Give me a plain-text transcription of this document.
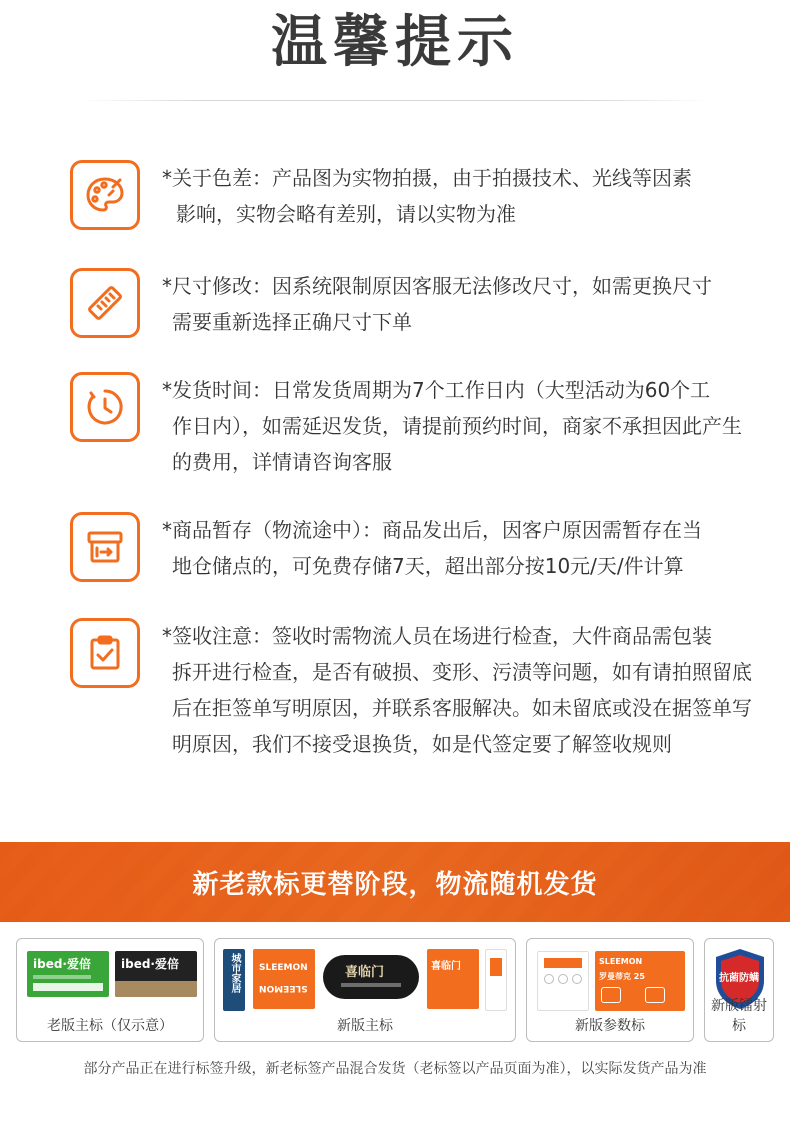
温馨提示
*关于色差：产品图为实物拍摄，由于拍摄技术、光线等因素
影响，实物会略有差别，请以实物为准
*尺寸修改：因系统限制原因客服无法修改尺寸，如需更换尺寸
需要重新选择正确尺寸下单
*发货时间：日常发货周期为7个工作日内（大型活动为60个工
作日内），如需延迟发货，请提前预约时间，商家不承担因此产生的费用，详情请咨询客服
*商品暂存（物流途中）：商品发出后，因客户原因需暂存在当
地仓储点的，可免费存储7天，超出部分按10元/天/件计算
*签收注意：签收时需物流人员在场进行检查，大件商品需包装
拆开进行检查，是否有破损、变形、污渍等问题，如有请拍照留底后在拒签单写明原因，并联系客服解决。如未留底或没在据签单写明原因，我们不接受退换货，如是代签定要了解签收规则
新老款标更替阶段，物流随机发货
ibed·爱倍	ibed·爱倍
老版主标（仅示意）
城市家居 SLEEMON
SLEEMON
喜临门	喜临门
新版主标
SLEEMON
罗曼蒂克 25
新版参数标
抗菌防螨
新版镭射标
部分产品正在进行标签升级，新老标签产品混合发货（老标签以产品页面为准），以实际发货产品为准
